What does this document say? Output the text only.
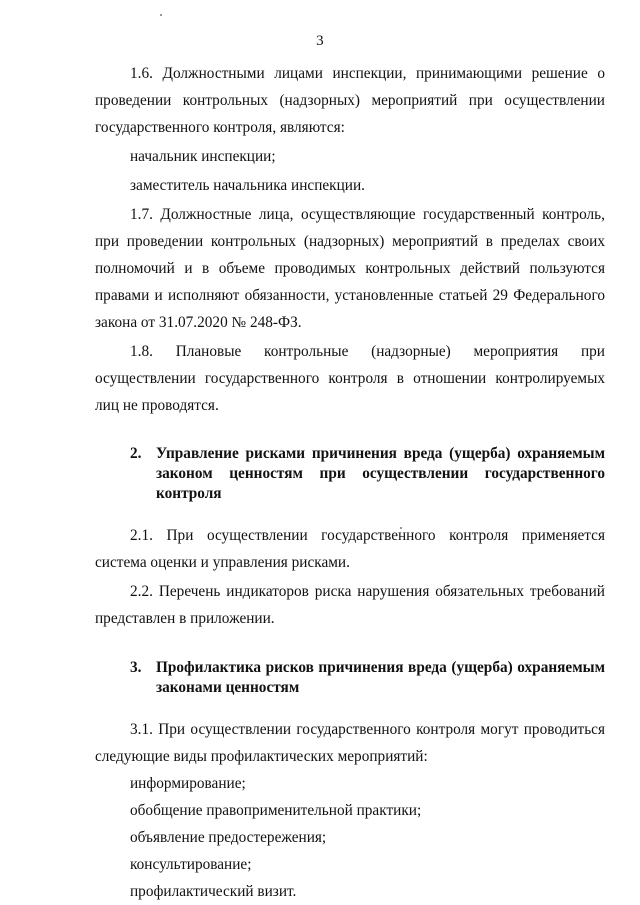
3

1.6. Должностными лицами инспекции, принимающими решение о проведении контрольных (надзорных) мероприятий при осуществлении государственного контроля, являются:

начальник инспекции;

заместитель начальника инспекции.

1.7. Должностные лица, осуществляющие государственный контроль, при проведении контрольных (надзорных) мероприятий в пределах своих полномочий и в объеме проводимых контрольных действий пользуются правами и исполняют обязанности, установленные статьей 29 Федерального закона от 31.07.2020 № 248-ФЗ.

1.8. Плановые контрольные (надзорные) мероприятия при осуществлении государственного контроля в отношении контролируемых лиц не проводятся.

2. Управление рисками причинения вреда (ущерба) охраняемым законом ценностям при осуществлении государственного контроля

2.1. При осуществлении государственного контроля применяется система оценки и управления рисками.

2.2. Перечень индикаторов риска нарушения обязательных требований представлен в приложении.

3. Профилактика рисков причинения вреда (ущерба) охраняемым законами ценностям

3.1. При осуществлении государственного контроля могут проводиться следующие виды профилактических мероприятий:

информирование;

обобщение правоприменительной практики;

объявление предостережения;

консультирование;

профилактический визит.
